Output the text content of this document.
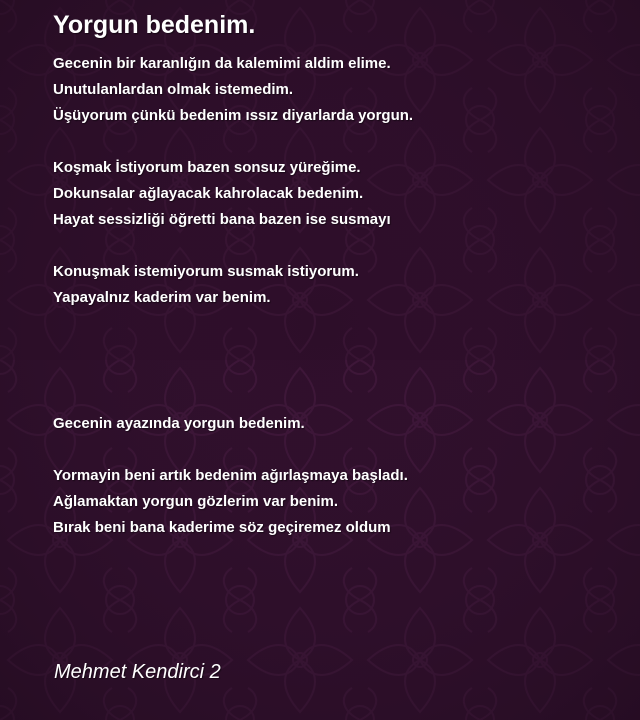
Yorgun bedenim.
Gecenin bir karanlığın da kalemimi aldim elime.
Unutulanlardan olmak istemedim.
Üşüyorum çünkü bedenim ıssız diyarlarda yorgun.
Koşmak İstiyorum bazen sonsuz yüreğime.
Dokunsalar ağlayacak kahrolacak bedenim.
Hayat sessizliği öğretti bana bazen ise susmayı
Konuşmak istemiyorum susmak istiyorum.
Yapayalnız kaderim var benim.
Gecenin ayazında yorgun bedenim.
Yormayin beni artık bedenim ağırlaşmaya başladı.
Ağlamaktan yorgun gözlerim var benim.
Bırak beni bana kaderime söz geçiremez oldum

Mehmet Kendirci 2
